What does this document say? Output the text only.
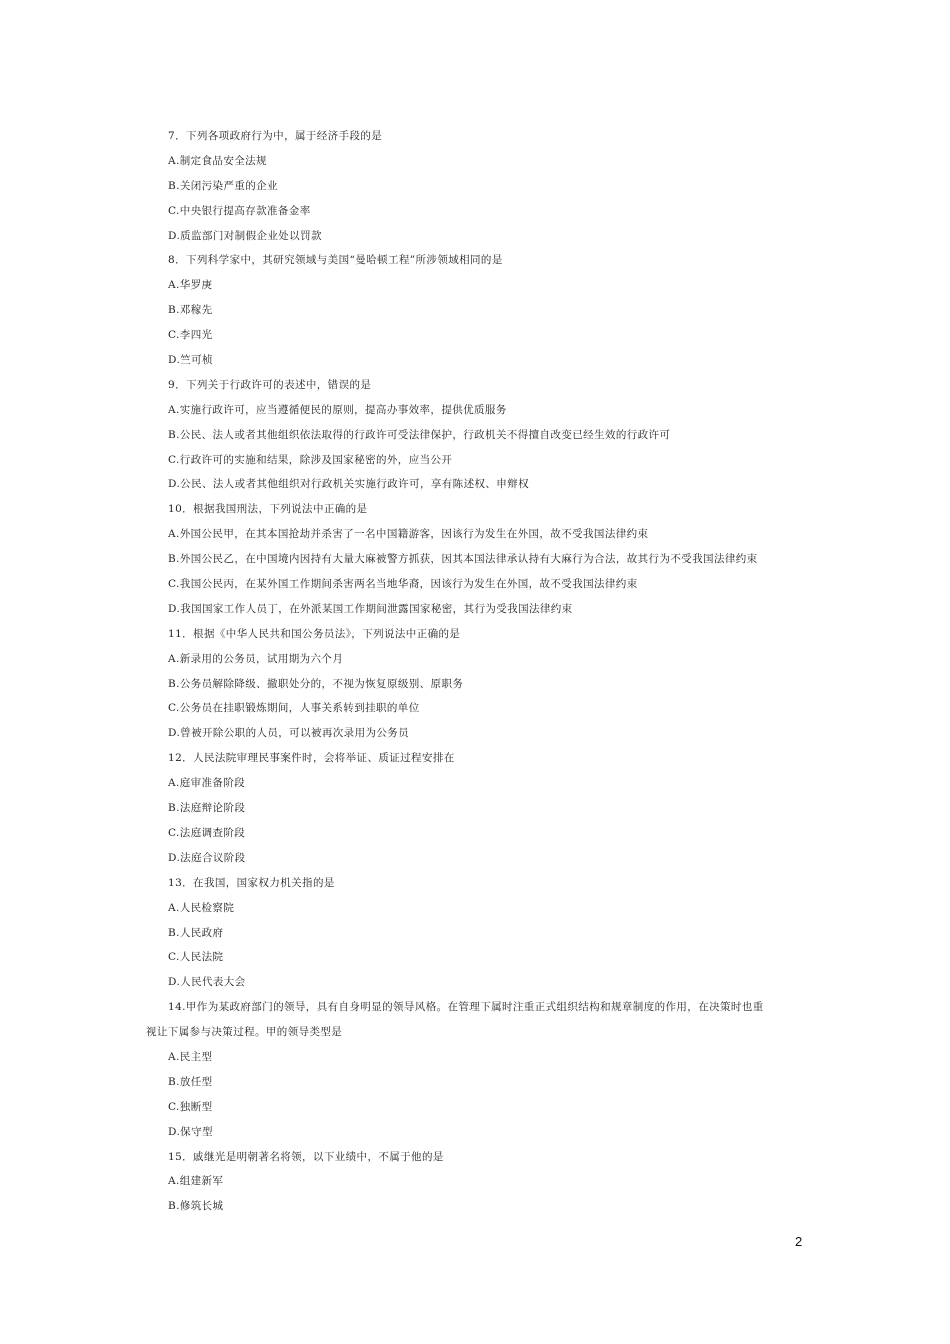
7．下列各项政府行为中，属于经济手段的是
A.制定食品安全法规
B.关闭污染严重的企业
C.中央银行提高存款准备金率
D.质监部门对制假企业处以罚款
8．下列科学家中，其研究领域与美国“曼哈顿工程”所涉领域相同的是
A.华罗庚
B.邓稼先
C.李四光
D.竺可桢
9．下列关于行政许可的表述中，错误的是
A.实施行政许可，应当遵循便民的原则，提高办事效率，提供优质服务
B.公民、法人或者其他组织依法取得的行政许可受法律保护，行政机关不得擅自改变已经生效的行政许可
C.行政许可的实施和结果，除涉及国家秘密的外，应当公开
D.公民、法人或者其他组织对行政机关实施行政许可，享有陈述权、申辩权
10．根据我国刑法，下列说法中正确的是
A.外国公民甲，在其本国抢劫并杀害了一名中国籍游客，因该行为发生在外国，故不受我国法律约束
B.外国公民乙，在中国境内因持有大量大麻被警方抓获，因其本国法律承认持有大麻行为合法，故其行为不受我国法律约束
C.我国公民丙，在某外国工作期间杀害两名当地华裔，因该行为发生在外国，故不受我国法律约束
D.我国国家工作人员丁，在外派某国工作期间泄露国家秘密，其行为受我国法律约束
11．根据《中华人民共和国公务员法》，下列说法中正确的是
A.新录用的公务员，试用期为六个月
B.公务员解除降级、撤职处分的，不视为恢复原级别、原职务
C.公务员在挂职锻炼期间，人事关系转到挂职的单位
D.曾被开除公职的人员，可以被再次录用为公务员
12．人民法院审理民事案件时，会将举证、质证过程安排在
A.庭审准备阶段
B.法庭辩论阶段
C.法庭调查阶段
D.法庭合议阶段
13．在我国，国家权力机关指的是
A.人民检察院
B.人民政府
C.人民法院
D.人民代表大会
14.甲作为某政府部门的领导，具有自身明显的领导风格。在管理下属时注重正式组织结构和规章制度的作用，在决策时也重
视让下属参与决策过程。甲的领导类型是
A.民主型
B.放任型
C.独断型
D.保守型
15．戚继光是明朝著名将领，以下业绩中，不属于他的是
A.组建新军
B.修筑长城
2
